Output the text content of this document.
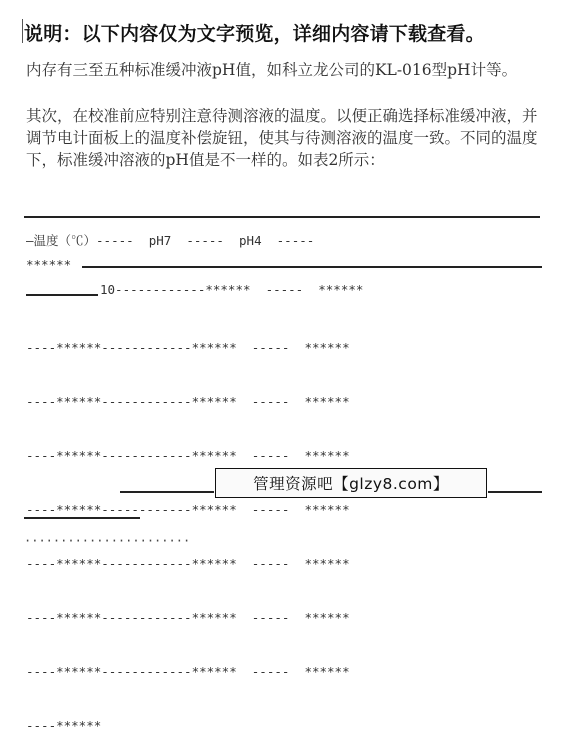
说明：以下内容仅为文字预览，详细内容请下载查看。
内存有三至五种标准缓冲液pH值，如科立龙公司的KL-016型pH计等。
其次，在校准前应特别注意待测溶液的温度。以便正确选择标准缓冲液，并调节电计面板上的温度补偿旋钮，使其与待测溶液的温度一致。不同的温度下，标准缓冲溶液的pH值是不一样的。如表2所示：
—温度（℃）-----  pH7  -----  pH4  -----
******
10------------******  -----  ******

----******------------******  -----  ******

----******------------******  -----  ******

----******------------******  -----  ******

----******------------******  -----  ******

----******------------******  -----  ******

----******------------******  -----  ******

----******------------******  -----  ******

----******

管理资源吧【glzy8.com】
·······················
